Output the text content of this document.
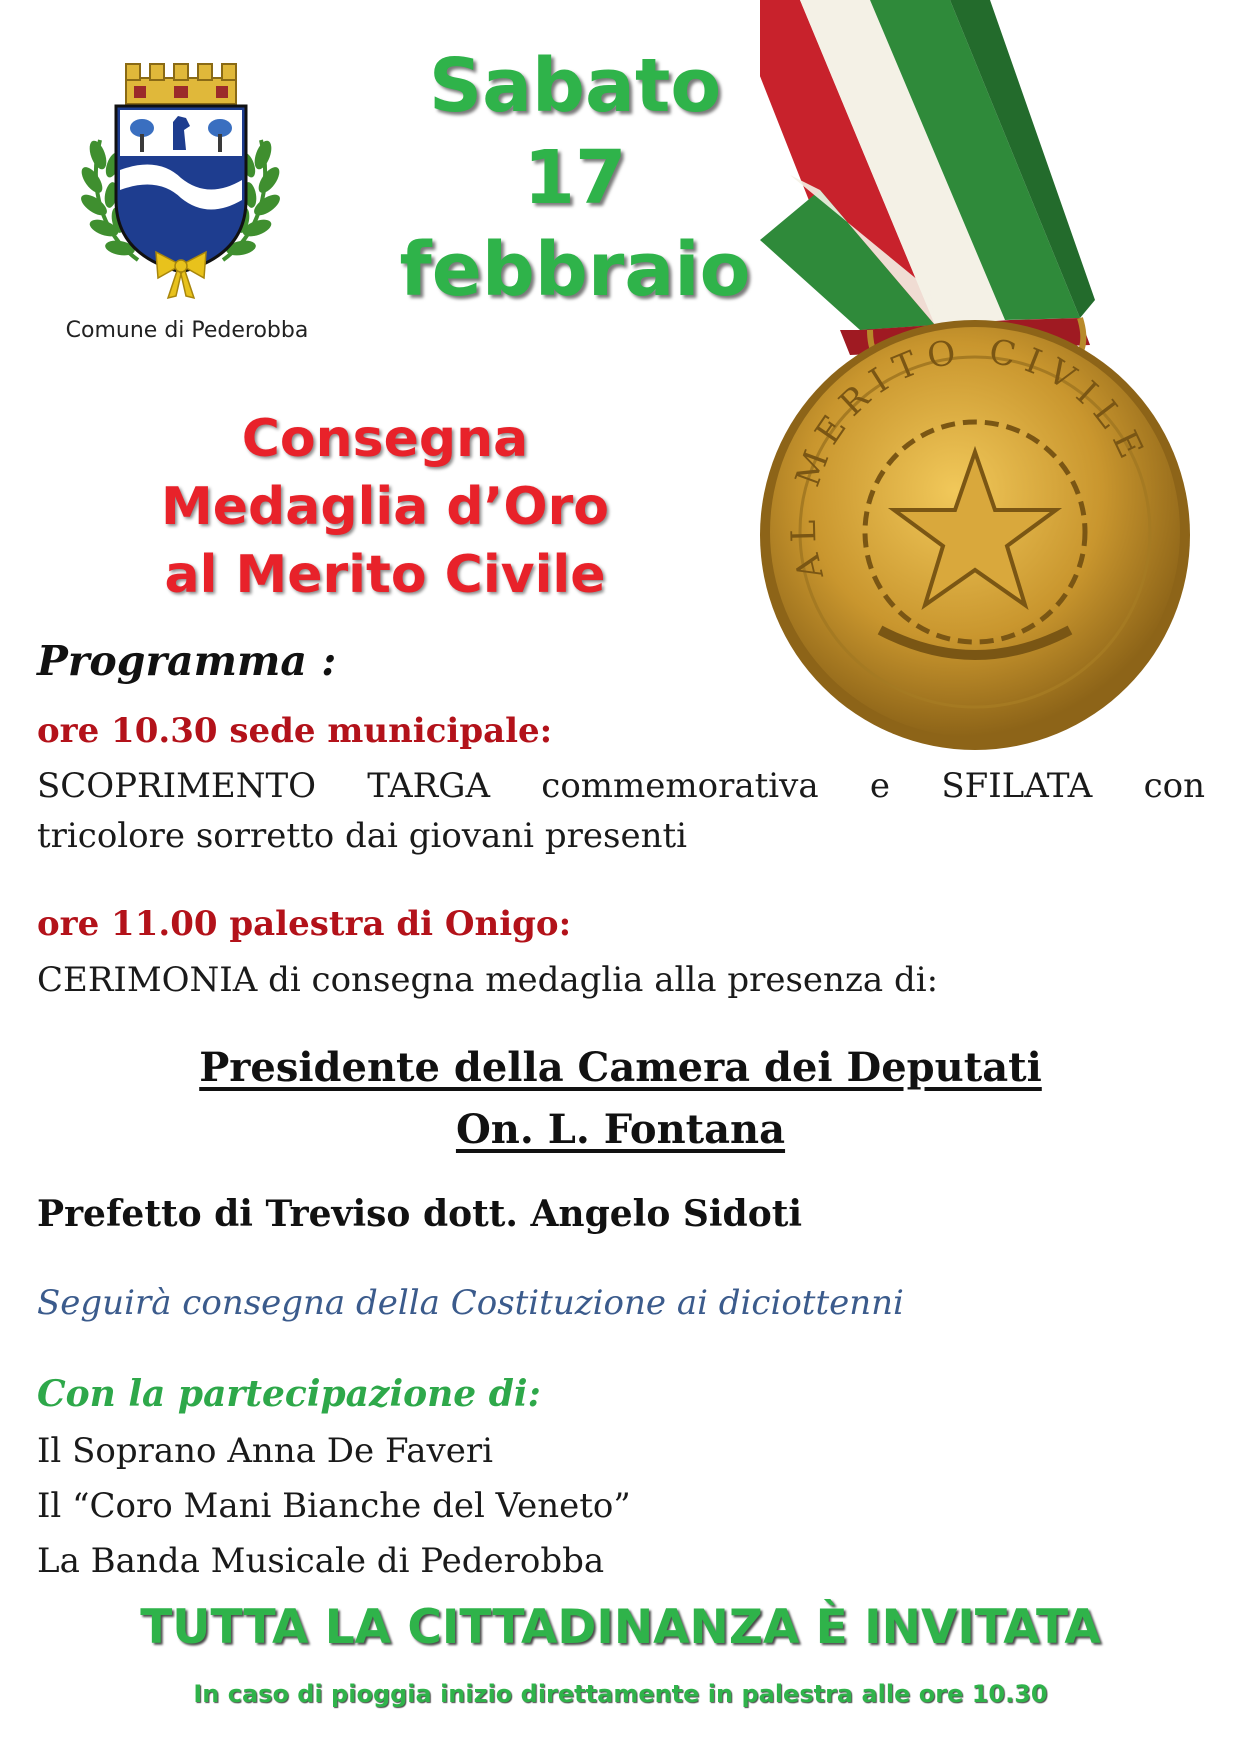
Comune di Pederobba
Sabato
17
febbraio
AL MERITO CIVILE
Consegna
Medaglia d’Oro
al Merito Civile
Programma :
ore 10.30 sede municipale:
SCOPRIMENTO TARGA commemorativa e SFILATA con
tricolore sorretto dai giovani presenti
ore 11.00 palestra di Onigo:
CERIMONIA di consegna medaglia alla presenza di:
Presidente della Camera dei Deputati
On. L. Fontana
Prefetto di Treviso dott. Angelo Sidoti
Seguirà consegna della Costituzione ai diciottenni
Con la partecipazione di:
Il Soprano Anna De Faveri
Il “Coro Mani Bianche del Veneto”
La Banda Musicale di Pederobba
TUTTA LA CITTADINANZA È INVITATA
In caso di pioggia inizio direttamente in palestra alle ore 10.30
